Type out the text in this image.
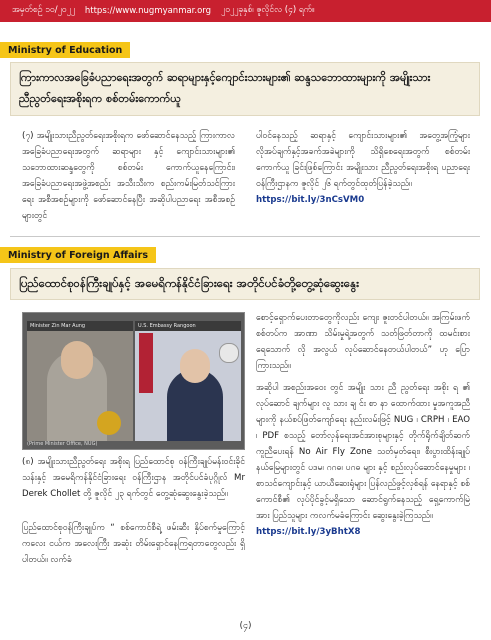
အမှတ်စဉ် ၁၀/၂၀၂၂ https://www.nugmyanmar.org ၂၀၂၂ခုနှစ်၊ ဇူလိုင်လ (၄) ရက်။
Ministry of Education
ကြားကာလအခြေခံပညာရေးအတွက် ဆရာများနှင့်ကျောင်းသားများ၏ ဆန္ဒသဘောထားများကို အမျိုးသား ညီညွတ်ရေးအစိုးရက စစ်တမ်းကောက်ယူ
(၇) အမျိုးသားညီညွတ်ရေးအစိုးရက ဖော်ဆောင်နေသည့် ကြားကာလအခြေခံပညာရေးအတွက် ဆရာများ နှင့် ကျောင်းသားများ၏ သဘောထားဆန္ဒတွေကို စစ်တမ်း ကောက်ယူနေကြောင်း၊ အခြေခံပညာရေးအဖွဲ့အစည်း အသီးသီးက စည်းကမ်းမြတ်သင်ကြားရေး အစီအစဉ်များကို ဖော်ဆောင်နေပြီး အဆိုပါပညာရေး အစီအစဉ်များတွင်
ပါဝင်နေသည့် ဆရာနှင့် ကျောင်းသားများ၏ အတွေ့အကြုံများ လိုအပ်ချက်နှင့်အခက်အခဲများကို သိရှိစေရေးအတွက် စစ်တမ်း ကောက်ယူ ခြင်းဖြစ်ကြောင်း အမျိုးသား ညီညွတ်ရေးအစိုးရ ပညာရေးဝန်ကြီးဌာနက ဇူလိုင် ၂၆ ရက်တွင်ထုတ်ပြန်ခဲ့သည်။
https://bit.ly/3nCsVM0
Ministry of Foreign Affairs
ပြည်ထောင်စုဝန်ကြီးချုပ်နှင့် အမေရိကန်နိုင်ငံခြားရေး အတိုင်ပင်ခံတို့တွေ့ဆုံဆွေးနွေး
Minister Zin Mar Aung	U.S. Embassy Rangoon
(Prime Minister Office, NUG)
(၈) အမျိုးသားညီညွတ်ရေး အစိုးရ ပြည်ထောင်စု ဝန်ကြီးချုပ်မန်းဝင်းခိုင်သန်းနှင့် အမေရိကန်နိုင်ငံခြားရေး ဝန်ကြီးဌာန အတိုင်ပင်ခံပုဂ္ဂိုလ် Mr Derek Chollet တို့ ဇူလိုင် ၂၃ ရက်တွင် တွေ့ဆုံဆွေးနွေးခဲ့သည်။
ပြည်ထောင်စုဝန်ကြီးချုပ်က “ စစ်ကောင်စီရဲ့ ဖမ်းဆီး နှိပ်စက်မှုကြောင့် ကလေး ငယ်က အလေးကြီး အဆုံး တိမ်းရှောင်နေကြရတာတွေလည်း ရှိပါတယ်။ လက်ခံ
စောင့်ရှောက်ပေးတာတွေကိုလည်း ကျေး ဇူးတင်ပါတယ်။ အကြမ်းဖက်စစ်တပ်က အာဏာ သိမ်းမှုရဲ့အတွက် သတ်ဖြတ်တာကို ထမင်းစား ရေသောက် လို အလွယ် လုပ်ဆောင်နေတယ်ပါတယ်” ဟု ပြောကြားသည်။
အဆိုပါ အစည်းအဝေး တွင် အမျိုး သား ညီ ညွတ်ရေး အစိုး ရ ၏ လုပ်ဆောင် ချက်များ လူ သား ချ င်း စာ နာ ထောက်ထား မှုအကူအညီများကို နယ်စပ်ဖြတ်ကျော်ရေး နည်းလမ်းဖြင့် NUG ၊ CRPH ၊ EAO ၊ PDF စသည့် တော်လှန်ရေးအင်အားစုများနှင့် တိုက်ရိုက်ချိတ်ဆက်ကူညီပေးရန် No Air Fly Zone သတ်မှတ်ရေး၊ စီးပွားထိန်းချုပ်နယ်မြေများတွင် ပဒမ၊ ဂဂဓ၊ ပဂဓ များ နှင့် စည်းလုပ်ဆောင်နေမှုများ ၊ စာသင်ကျောင်းနှင့် ယာယီဆေးရုံများ ပြန်လည်ဖွင့်လှစ်ရန် နေရာနှင့် စစ်ကောင်စီ၏ လုပ်ပိုင်ခွင့်မရှိသော ဆောင်ရွက်နေသည့် ရှေ့ကောက်မြဲအား ပြည်သူများ ကလက်မခံကြောင်း ဆွေးနွေးခဲ့ကြသည်။
https://bit.ly/3yBhtX8
(၄)
